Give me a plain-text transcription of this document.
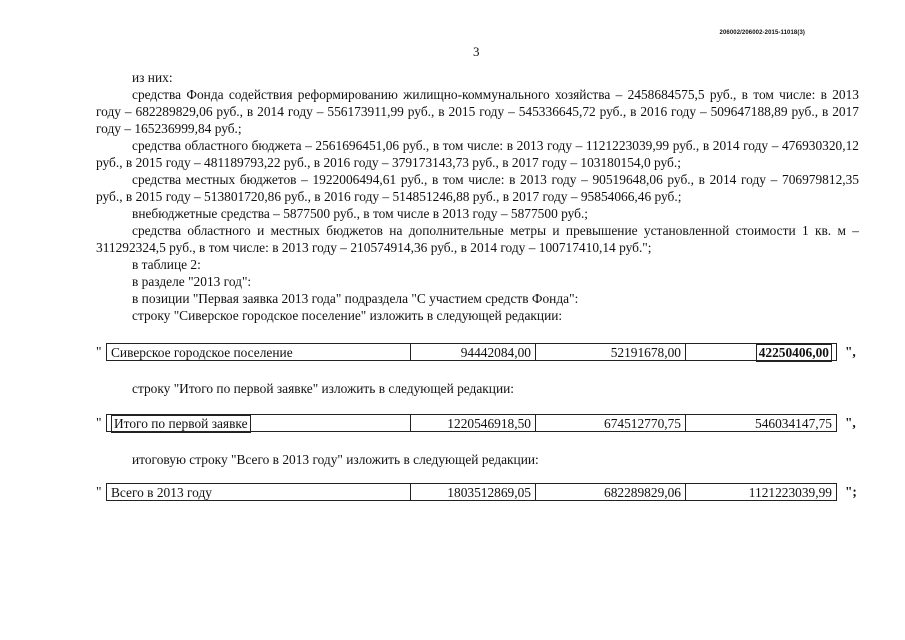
206002/206002-2015-11018(3)
3

из них:

средства Фонда содействия реформированию жилищно-коммунального хозяйства – 2458684575,5 руб., в том числе: в 2013 году – 682289829,06 руб., в 2014 году – 556173911,99 руб., в 2015 году – 545336645,72 руб., в 2016 году – 509647188,89 руб., в 2017 году – 165236999,84 руб.;

средства областного бюджета – 2561696451,06 руб., в том числе: в 2013 году – 1121223039,99 руб., в 2014 году – 476930320,12 руб., в 2015 году – 481189793,22 руб., в 2016 году – 379173143,73 руб., в 2017 году – 103180154,0 руб.;

средства местных бюджетов – 1922006494,61 руб., в том числе: в 2013 году – 90519648,06 руб., в 2014 году – 706979812,35 руб., в 2015 году – 513801720,86 руб., в 2016 году – 514851246,88 руб., в 2017 году – 95854066,46 руб.;

внебюджетные средства – 5877500 руб., в том числе в 2013 году – 5877500 руб.;

средства областного и местных бюджетов на дополнительные метры и превышение установленной стоимости 1 кв. м – 311292324,5 руб., в том числе: в 2013 году – 210574914,36 руб., в 2014 году – 100717410,14 руб.";

в таблице 2:

в разделе "2013 год":

в позиции "Первая заявка 2013 года" подраздела "С участием средств Фонда":

строку "Сиверское городское поселение" изложить в следующей редакции:

" Сиверское городское поселение	94442084,00	52191678,00	42250406,00	",
строку "Итого по первой заявке" изложить в следующей редакции:
" Итого по первой заявке	1220546918,50	674512770,75	546034147,75 ",
итоговую строку "Всего в 2013 году" изложить в следующей редакции:
" Всего в 2013 году	1803512869,05	682289829,06	1121223039,99 ";
